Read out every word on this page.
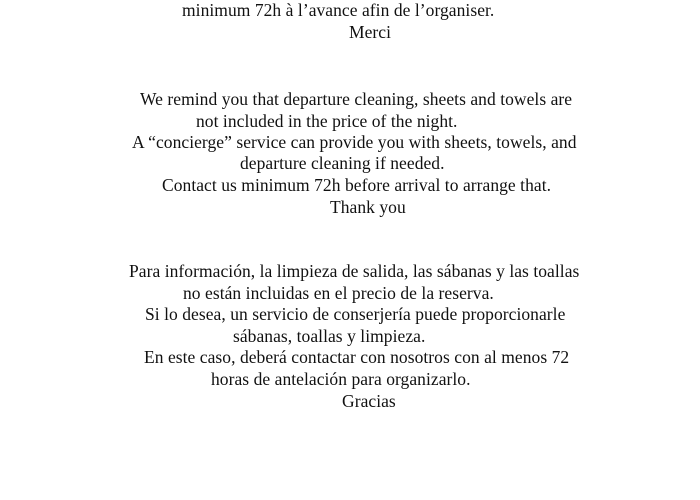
minimum 72h à l’avance afin de l’organiser.
Merci
We remind you that departure cleaning, sheets and towels are
not included in the price of the night.
A “concierge” service can provide you with sheets, towels, and
departure cleaning if needed.
Contact us minimum 72h before arrival to arrange that.
Thank you
Para información, la limpieza de salida, las sábanas y las toallas
no están incluidas en el precio de la reserva.
Si lo desea, un servicio de conserjería puede proporcionarle
sábanas, toallas y limpieza.
En este caso, deberá contactar con nosotros con al menos 72
horas de antelación para organizarlo.
Gracias
